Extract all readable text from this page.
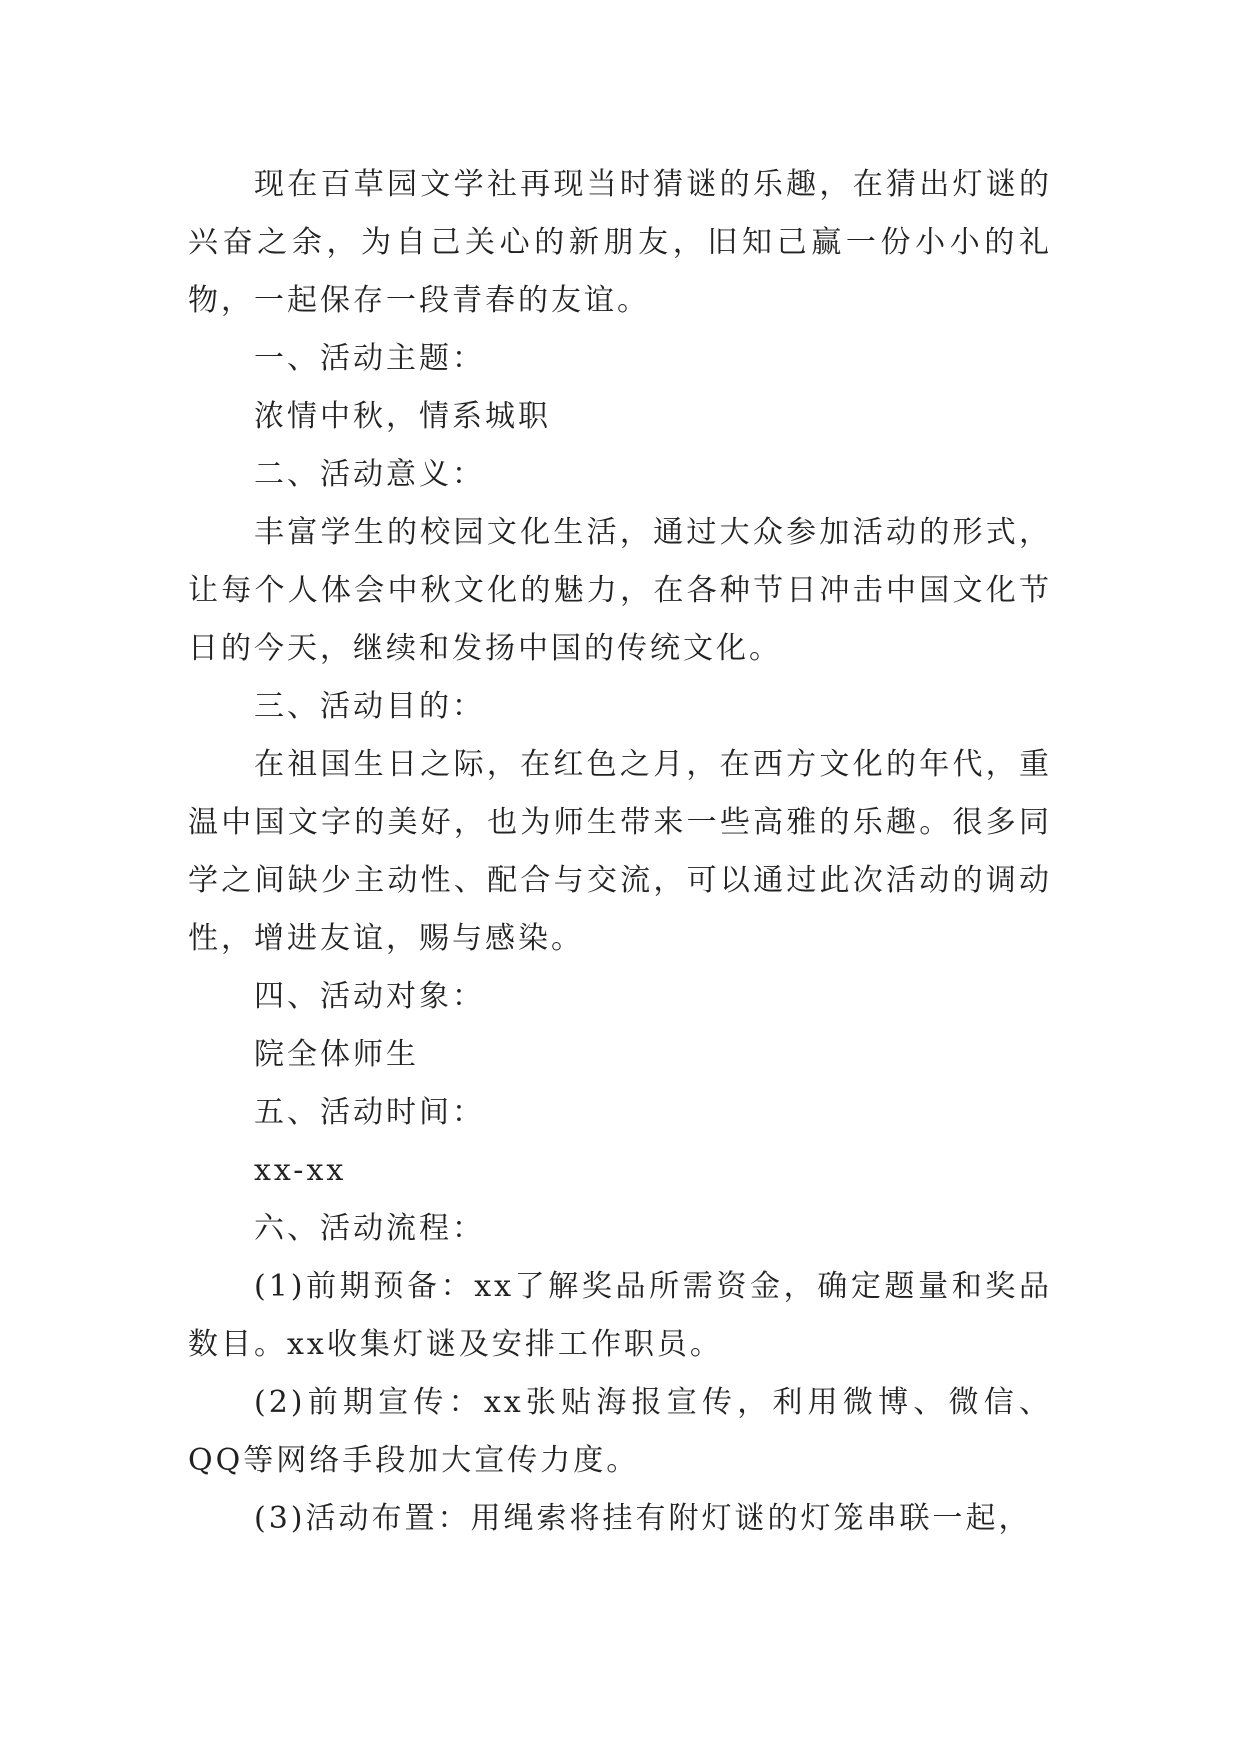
现在百草园文学社再现当时猜谜的乐趣，在猜出灯谜的兴奋之余，为自己关心的新朋友，旧知己赢一份小小的礼物，一起保存一段青春的友谊。

一、活动主题：

浓情中秋，情系城职

二、活动意义：

丰富学生的校园文化生活，通过大众参加活动的形式，让每个人体会中秋文化的魅力，在各种节日冲击中国文化节日的今天，继续和发扬中国的传统文化。

三、活动目的：

在祖国生日之际，在红色之月，在西方文化的年代，重温中国文字的美好，也为师生带来一些高雅的乐趣。很多同学之间缺少主动性、配合与交流，可以通过此次活动的调动性，增进友谊，赐与感染。

四、活动对象：

院全体师生

五、活动时间：

xx-xx

六、活动流程：

(1)前期预备：xx了解奖品所需资金，确定题量和奖品数目。xx收集灯谜及安排工作职员。

(2)前期宣传：xx张贴海报宣传，利用微博、微信、QQ等网络手段加大宣传力度。

(3)活动布置：用绳索将挂有附灯谜的灯笼串联一起，
